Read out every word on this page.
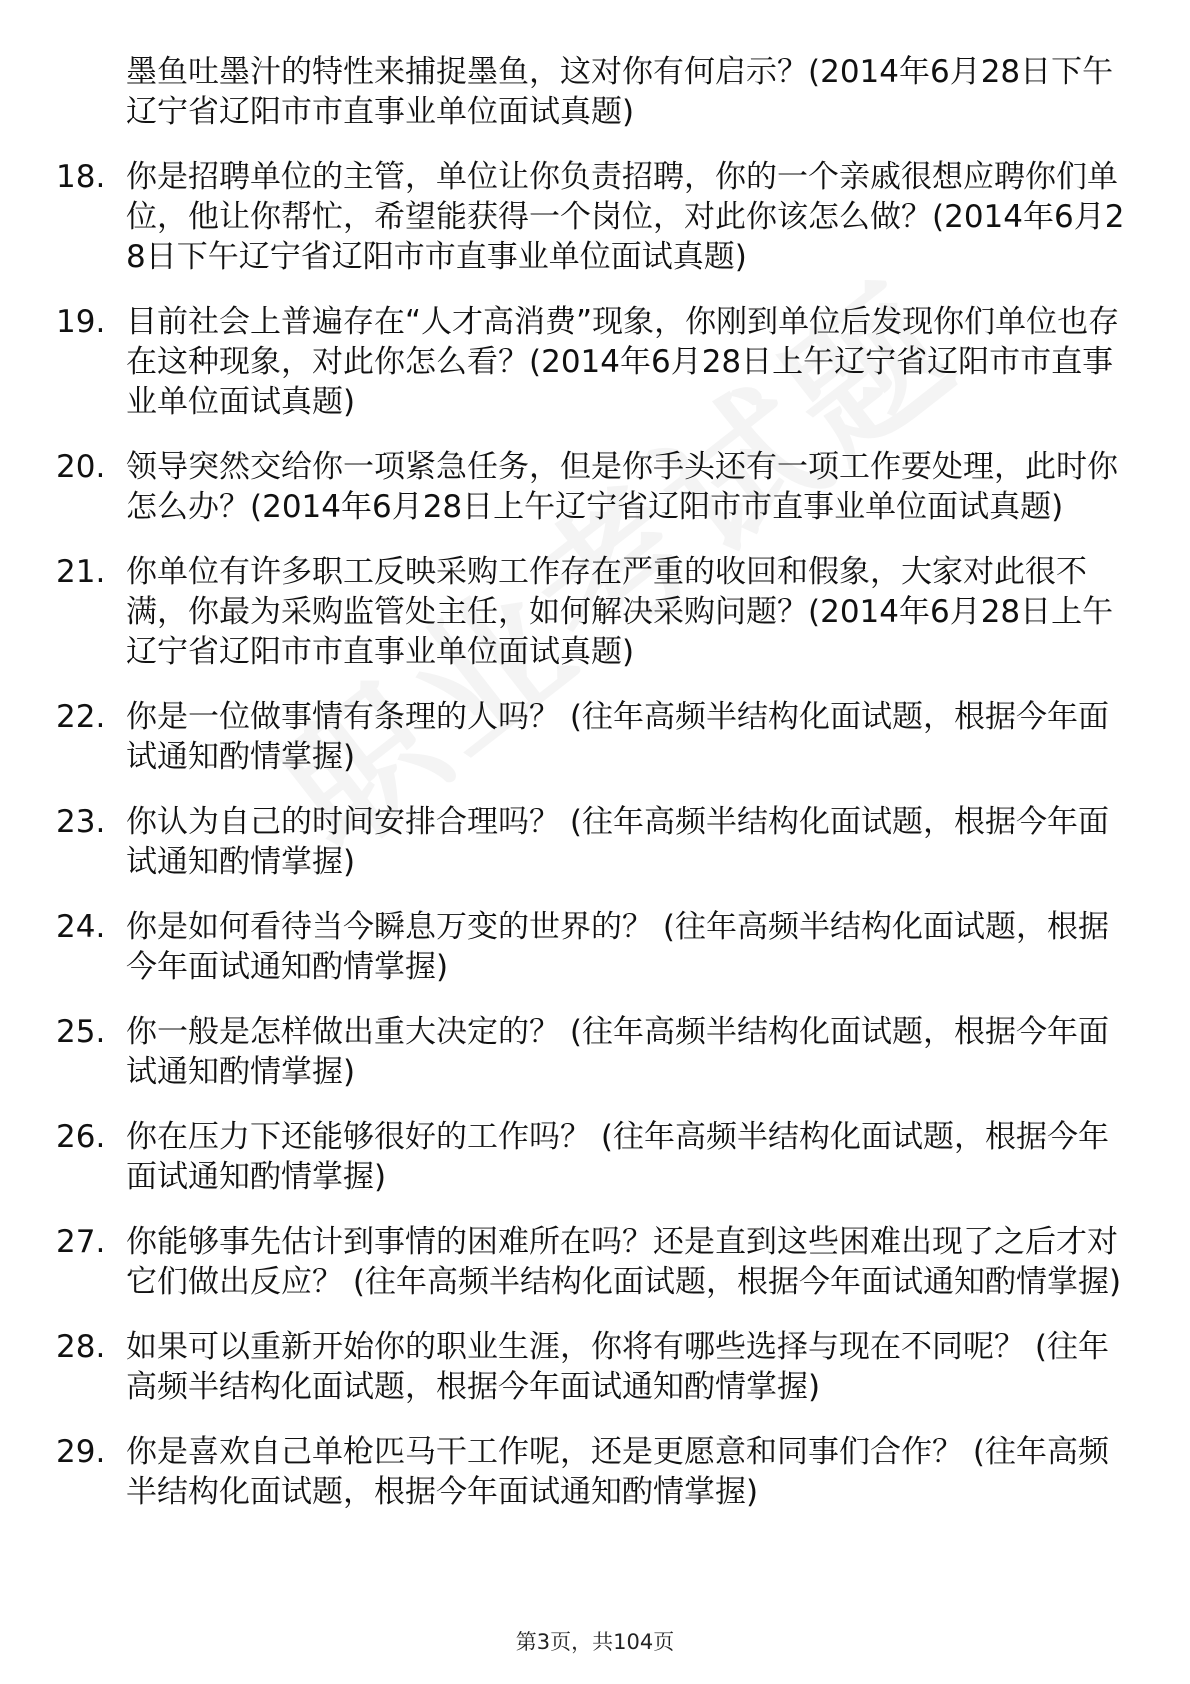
墨鱼吐墨汁的特性来捕捉墨鱼，这对你有何启示？(2014年6月28日下午辽宁省辽阳市市直事业单位面试真题)
18. 你是招聘单位的主管，单位让你负责招聘，你的一个亲戚很想应聘你们单位，他让你帮忙，希望能获得一个岗位，对此你该怎么做？(2014年6月28日下午辽宁省辽阳市市直事业单位面试真题)
19. 目前社会上普遍存在“人才高消费”现象，你刚到单位后发现你们单位也存在这种现象，对此你怎么看？(2014年6月28日上午辽宁省辽阳市市直事业单位面试真题)
20. 领导突然交给你一项紧急任务，但是你手头还有一项工作要处理，此时你怎么办？(2014年6月28日上午辽宁省辽阳市市直事业单位面试真题)
21. 你单位有许多职工反映采购工作存在严重的收回和假象，大家对此很不满，你最为采购监管处主任，如何解决采购问题？(2014年6月28日上午辽宁省辽阳市市直事业单位面试真题)
22. 你是一位做事情有条理的人吗？ (往年高频半结构化面试题，根据今年面试通知酌情掌握)
23. 你认为自己的时间安排合理吗？ (往年高频半结构化面试题，根据今年面试通知酌情掌握)
24. 你是如何看待当今瞬息万变的世界的？ (往年高频半结构化面试题，根据今年面试通知酌情掌握)
25. 你一般是怎样做出重大决定的？ (往年高频半结构化面试题，根据今年面试通知酌情掌握)
26. 你在压力下还能够很好的工作吗？ (往年高频半结构化面试题，根据今年面试通知酌情掌握)
27. 你能够事先估计到事情的困难所在吗？还是直到这些困难出现了之后才对它们做出反应？ (往年高频半结构化面试题，根据今年面试通知酌情掌握)
28. 如果可以重新开始你的职业生涯，你将有哪些选择与现在不同呢？ (往年高频半结构化面试题，根据今年面试通知酌情掌握)
29. 你是喜欢自己单枪匹马干工作呢，还是更愿意和同事们合作？ (往年高频半结构化面试题，根据今年面试通知酌情掌握)
第3页，共104页
